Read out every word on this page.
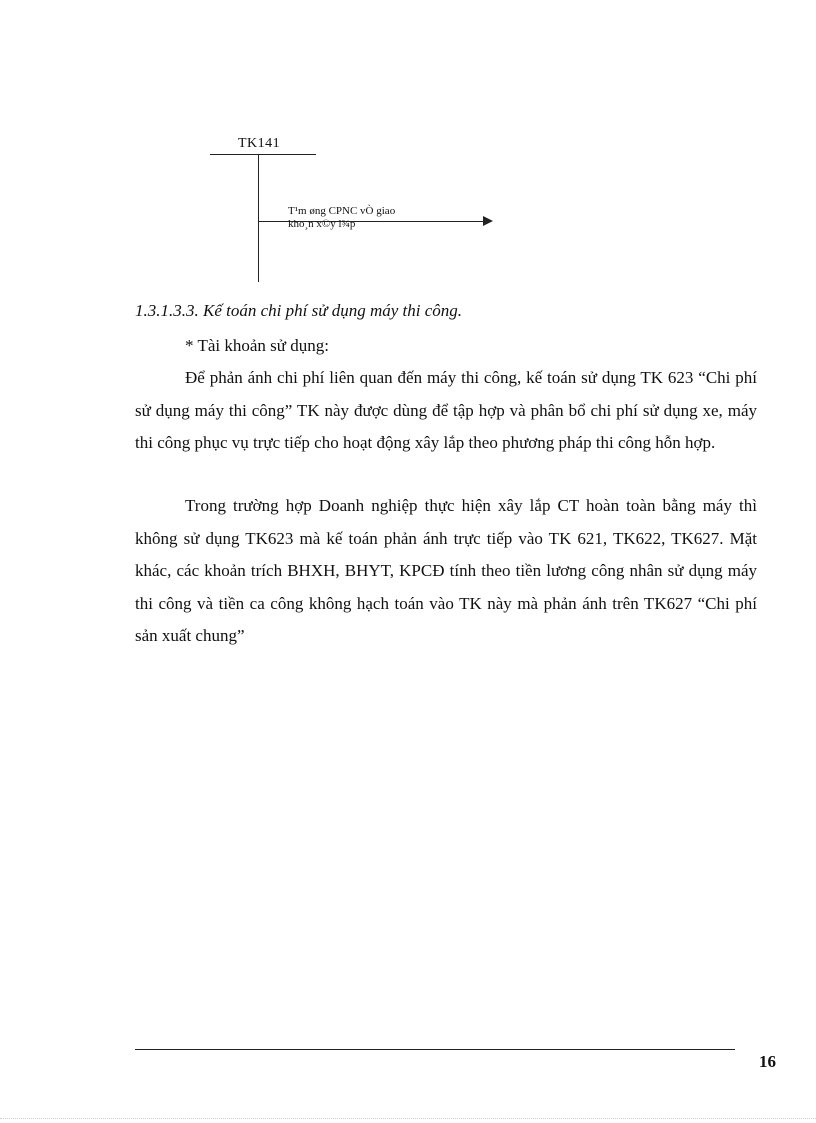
TK141
T¹m øng CPNC vÒ giao
kho¸n x©y l¾p
1.3.1.3.3. Kế toán chi phí sử dụng máy thi công.
* Tài khoản sử dụng:
Để phản ánh chi phí liên quan đến máy thi công, kế toán sử dụng TK 623 “Chi phí sử dụng máy thi công” TK này được dùng để tập hợp và phân bổ chi phí sử dụng xe, máy thi công phục vụ trực tiếp cho hoạt động xây lắp theo phương pháp thi công hỗn hợp.
Trong trường hợp Doanh nghiệp thực hiện xây lắp CT hoàn toàn bằng máy thì không sử dụng TK623 mà kế toán phản ánh trực tiếp vào TK 621, TK622, TK627. Mặt khác, các khoản trích BHXH, BHYT, KPCĐ tính theo tiền lương công nhân sử dụng máy thi công và tiền ca công không hạch toán vào TK này mà phản ánh trên TK627 “Chi phí sản xuất chung”
16
